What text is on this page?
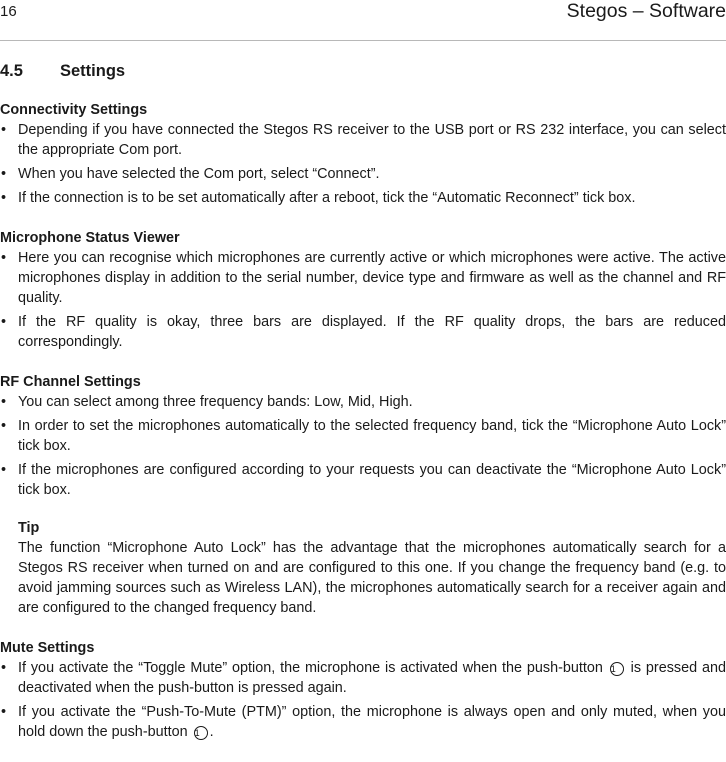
16	Stegos – Software
4.5 Settings
Connectivity Settings
• Depending if you have connected the Stegos RS receiver to the USB port or RS 232 interface, you can select the appropriate Com port.
• When you have selected the Com port, select “Connect”.
• If the connection is to be set automatically after a reboot, tick the “Automatic Reconnect” tick box.
Microphone Status Viewer
• Here you can recognise which microphones are currently active or which microphones were active. The active microphones display in addition to the serial number, device type and firmware as well as the channel and RF quality.
• If the RF quality is okay, three bars are displayed. If the RF quality drops, the bars are reduced correspondingly.
RF Channel Settings
• You can select among three frequency bands: Low, Mid, High.
• In order to set the microphones automatically to the selected frequency band, tick the “Microphone Auto Lock” tick box.
• If the microphones are configured according to your requests you can deactivate the “Microphone Auto Lock” tick box.
Tip
The function “Microphone Auto Lock” has the advantage that the microphones automatically search for a Stegos RS receiver when turned on and are configured to this one. If you change the frequency band (e.g. to avoid jamming sources such as Wireless LAN), the microphones automatically search for a receiver again and are configured to the changed frequency band.
Mute Settings
• If you activate the “Toggle Mute” option, the microphone is activated when the push-button 1 is pressed and deactivated when the push-button is pressed again.
• If you activate the “Push-To-Mute (PTM)” option, the microphone is always open and only muted, when you hold down the push-button 1 .
